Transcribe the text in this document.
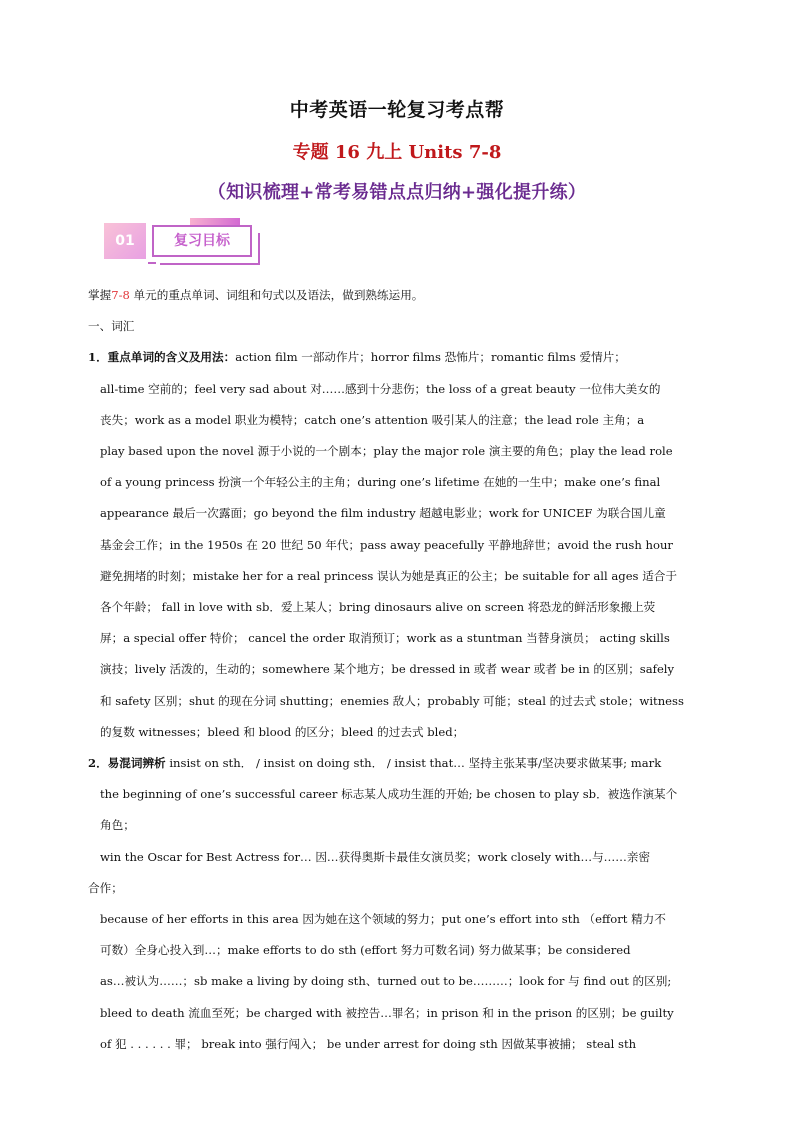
中考英语一轮复习考点帮
专题 16 九上 Units 7-8
（知识梳理+常考易错点点归纳+强化提升练）
01	复习目标

掌握7-8 单元的重点单词、词组和句式以及语法，做到熟练运用。

一、词汇

1．重点单词的含义及用法：action film 一部动作片；horror films 恐怖片；romantic films 爱情片；

all-time 空前的；feel very sad about 对……感到十分悲伤；the loss of a great beauty 一位伟大美女的

丧失；work as a model 职业为模特；catch one’s attention 吸引某人的注意；the lead role 主角；a

play based upon the novel 源于小说的一个剧本；play the major role 演主要的角色；play the lead role

of a young princess 扮演一个年轻公主的主角；during one’s lifetime 在她的一生中；make one’s final

appearance 最后一次露面；go beyond the film industry 超越电影业；work for UNICEF 为联合国儿童

基金会工作；in the 1950s 在 20 世纪 50 年代；pass away peacefully 平静地辞世；avoid the rush hour

避免拥堵的时刻；mistake her for a real princess 误认为她是真正的公主；be suitable for all ages 适合于

各个年龄； fall in love with sb．爱上某人；bring dinosaurs alive on screen 将恐龙的鲜活形象搬上荧

屏；a special offer 特价； cancel the order 取消预订；work as a stuntman 当替身演员； acting skills

演技；lively 活泼的，生动的；somewhere 某个地方；be dressed in 或者 wear 或者 be in 的区别；safely

和 safety 区别；shut 的现在分词 shutting；enemies 敌人；probably 可能；steal 的过去式 stole；witness

的复数 witnesses；bleed 和 blood 的区分；bleed 的过去式 bled；

2．易混词辨析 insist on sth． / insist on doing sth． / insist that… 坚持主张某事/坚决要求做某事; mark

the beginning of one’s successful career 标志某人成功生涯的开始; be chosen to play sb．被选作演某个

角色；

win the Oscar for Best Actress for… 因…获得奥斯卡最佳女演员奖；work closely with…与……亲密

合作；

because of her efforts in this area 因为她在这个领域的努力；put one’s effort into sth （effort 精力不

可数）全身心投入到…；make efforts to do sth (effort 努力可数名词) 努力做某事；be considered

as…被认为……；sb make a living by doing sth、turned out to be………；look for 与 find out 的区别;

bleed to death 流血至死；be charged with 被控告…罪名；in prison 和 in the prison 的区别；be guilty

of 犯 . . . . . . 罪； break into 强行闯入； be under arrest for doing sth 因做某事被捕； steal sth
